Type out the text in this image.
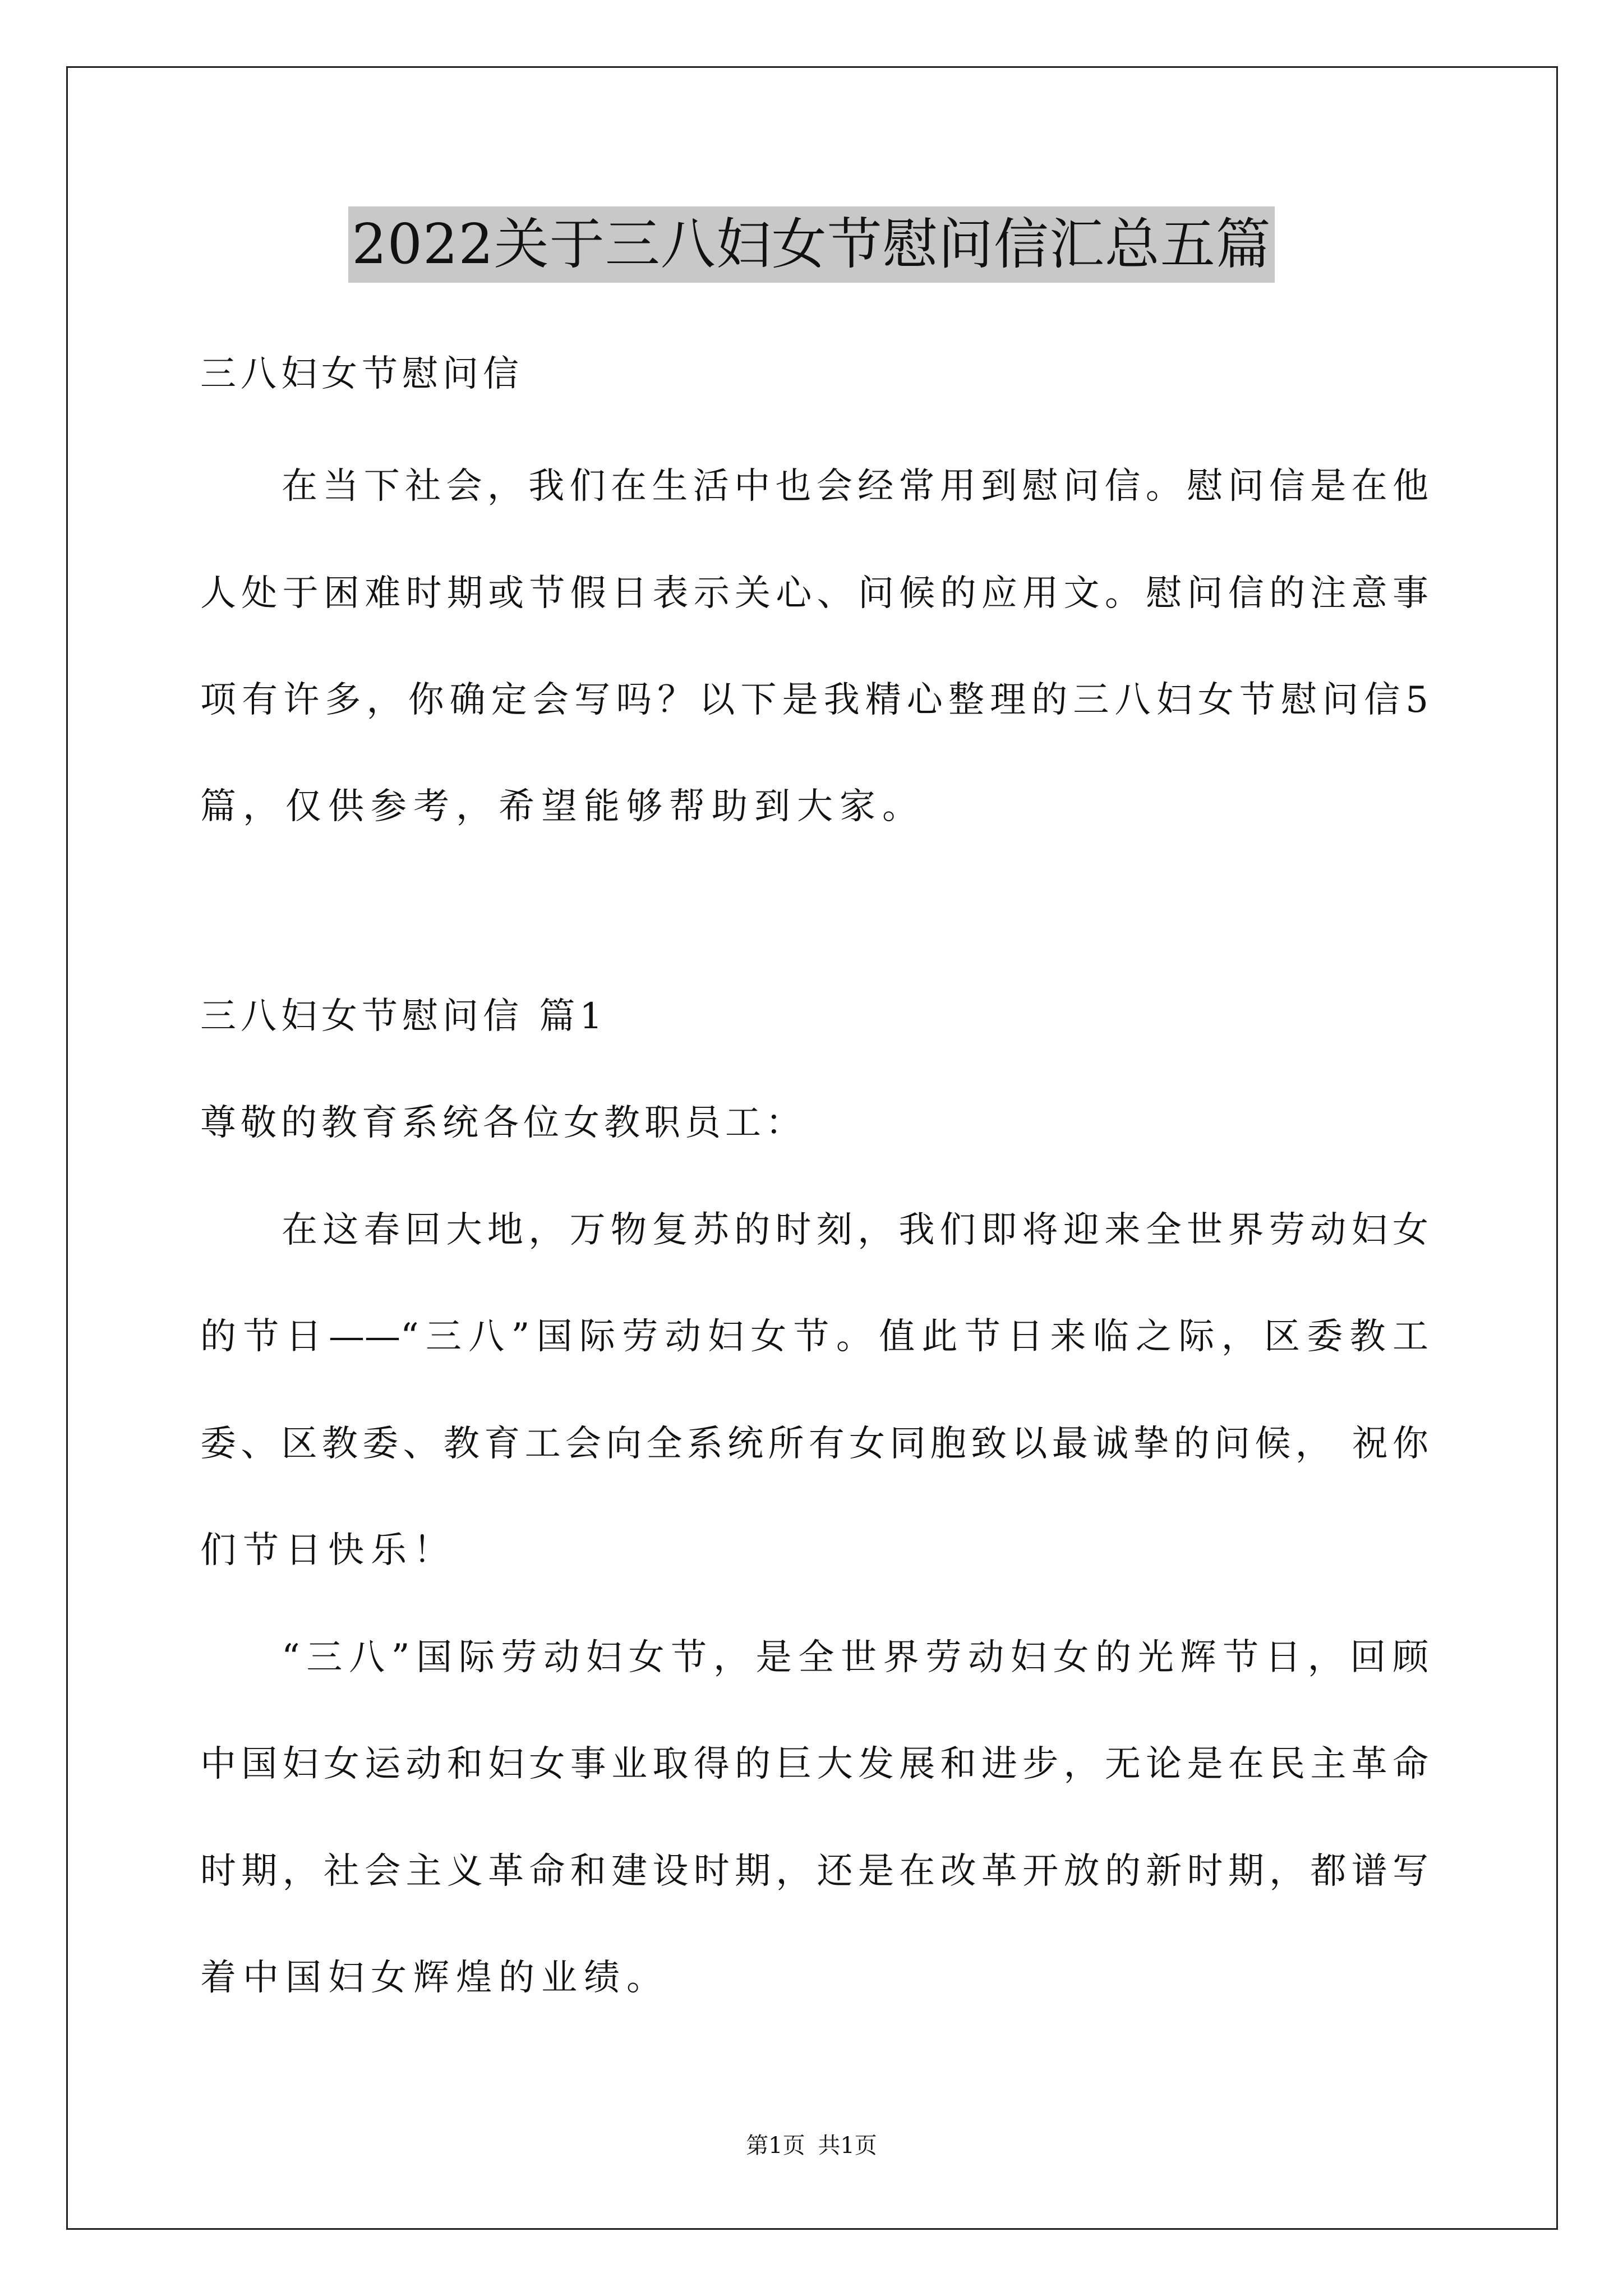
2022关于三八妇女节慰问信汇总五篇
三八妇女节慰问信
在当下社会，我们在生活中也会经常用到慰问信。慰问信是在他
人处于困难时期或节假日表示关心、问候的应用文。慰问信的注意事
项有许多，你确定会写吗？以下是我精心整理的三八妇女节慰问信5
篇，仅供参考，希望能够帮助到大家。
三八妇女节慰问信 篇1
尊敬的教育系统各位女教职员工：
在这春回大地，万物复苏的时刻，我们即将迎来全世界劳动妇女
的节日——“三八”国际劳动妇女节。值此节日来临之际，区委教工
委、区教委、教育工会向全系统所有女同胞致以最诚挚的问候， 祝你
们节日快乐！
“三八”国际劳动妇女节，是全世界劳动妇女的光辉节日，回顾
中国妇女运动和妇女事业取得的巨大发展和进步，无论是在民主革命
时期，社会主义革命和建设时期，还是在改革开放的新时期，都谱写
着中国妇女辉煌的业绩。
第1页 共1页
